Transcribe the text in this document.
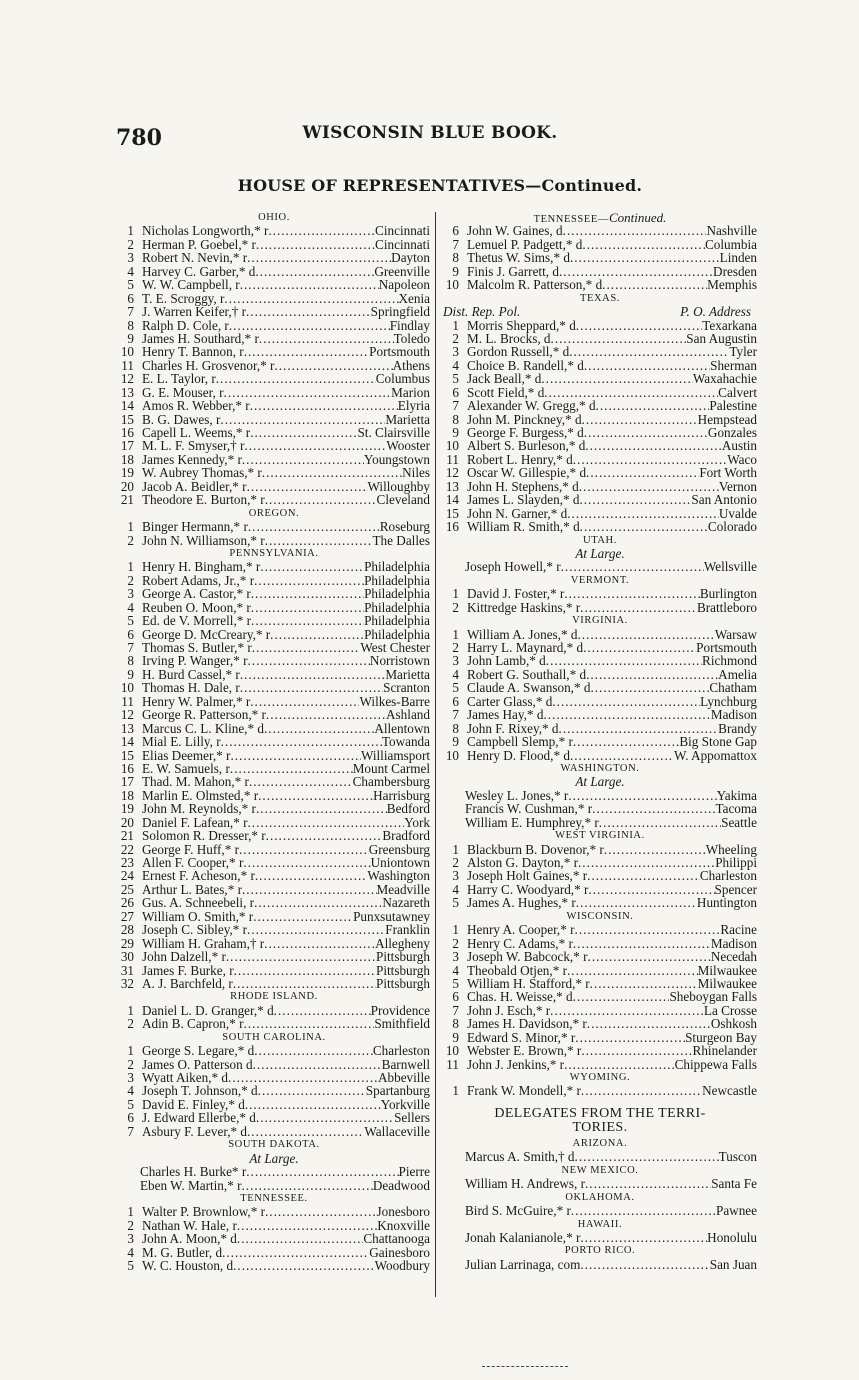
780	WISCONSIN BLUE BOOK.
HOUSE OF REPRESENTATIVES—Continued.
OHIO.
1 Nicholas Longworth,* r .....	Cincinnati
2 Herman P. Goebel,* r .....	Cincinnati
3 Robert N. Nevin,* r .....	Dayton
4 Harvey C. Garber,* d .....	Greenville
5 W. W. Campbell, r .....	Napoleon
6 T. E. Scroggy, r .....	Xenia
7 J. Warren Keifer,† r .....	Springfield
8 Ralph D. Cole, r .....	Findlay
9 James H. Southard,* r .....	Toledo
10 Henry T. Bannon, r .....	Portsmouth
11 Charles H. Grosvenor,* r .....	Athens
12 E. L. Taylor, r .....	Columbus
13 G. E. Mouser, r .....	Marion
14 Amos R. Webber,* r .....	Elyria
15 B. G. Dawes, r .....	Marietta
16 Capell L. Weems,* r .....	St. Clairsville
17 M. L. F. Smyser,† r .....	Wooster
18 James Kennedy,* r .....	Youngstown
19 W. Aubrey Thomas,* r .....	Niles
20 Jacob A. Beidler,* r .....	Willoughby
21 Theodore E. Burton,* r .....	Cleveland
OREGON.
1 Binger Hermann,* r .....	Roseburg
2 John N. Williamson,* r .....	The Dalles
PENNSYLVANIA.
1 Henry H. Bingham,* r .....	Philadelphia
2 Robert Adams, Jr.,* r .....	Philadelphia
3 George A. Castor,* r .....	Philadelphia
4 Reuben O. Moon,* r .....	Philadelphia
5 Ed. de V. Morrell,* r .....	Philadelphia
6 George D. McCreary,* r .....	Philadelphia
7 Thomas S. Butler,* r .....	West Chester
8 Irving P. Wanger,* r .....	Norristown
9 H. Burd Cassel,* r .....	Marietta
10 Thomas H. Dale, r .....	Scranton
11 Henry W. Palmer,* r .....	Wilkes-Barre
12 George R. Patterson,* r .....	Ashland
13 Marcus C. L. Kline,* d .....	Allentown
14 Mial E. Lilly, r .....	Towanda
15 Elias Deemer,* r .....	Williamsport
16 E. W. Samuels, r .....	Mount Carmel
17 Thad. M. Mahon,* r .....	Chambersburg
18 Marlin E. Olmsted,* r .....	Harrisburg
19 John M. Reynolds,* r .....	Bedford
20 Daniel F. Lafean,* r .....	York
21 Solomon R. Dresser,* r .....	Bradford
22 George F. Huff,* r .....	Greensburg
23 Allen F. Cooper,* r .....	Uniontown
24 Ernest F. Acheson,* r .....	Washington
25 Arthur L. Bates,* r .....	Meadville
26 Gus. A. Schneebeli, r .....	Nazareth
27 William O. Smith,* r .....	Punxsutawney
28 Joseph C. Sibley,* r .....	Franklin
29 William H. Graham,† r .....	Allegheny
30 John Dalzell,* r .....	Pittsburgh
31 James F. Burke, r .....	Pittsburgh
32 A. J. Barchfeld, r .....	Pittsburgh
RHODE ISLAND.
1 Daniel L. D. Granger,* d .....	Providence
2 Adin B. Capron,* r .....	Smithfield
SOUTH CAROLINA.
1 George S. Legare,* d .....	Charleston
2 James O. Patterson d .....	Barnwell
3 Wyatt Aiken,* d .....	Abbeville
4 Joseph T. Johnson,* d .....	Spartanburg
5 David E. Finley,* d .....	Yorkville
6 J. Edward Ellerbe,* d .....	Sellers
7 Asbury F. Lever,* d .....	Wallaceville
SOUTH DAKOTA.
At Large.
Charles H. Burke* r .....	Pierre
Eben W. Martin,* r .....	Deadwood
TENNESSEE.
1 Walter P. Brownlow,* r .....	Jonesboro
2 Nathan W. Hale, r .....	Knoxville
3 John A. Moon,* d .....	Chattanooga
4 M. G. Butler, d .....	Gainesboro
5 W. C. Houston, d .....	Woodbury
TENNESSEE—Continued.
6 John W. Gaines, d .....	Nashville
7 Lemuel P. Padgett,* d .....	Columbia
8 Thetus W. Sims,* d .....	Linden
9 Finis J. Garrett, d .....	Dresden
10 Malcolm R. Patterson,* d .....	Memphis
TEXAS.
Dist. Rep. Pol.	P. O. Address
1 Morris Sheppard,* d .....	Texarkana
2 M. L. Brocks, d .....	San Augustin
3 Gordon Russell,* d .....	Tyler
4 Choice B. Randell,* d .....	Sherman
5 Jack Beall,* d .....	Waxahachie
6 Scott Field,* d .....	Calvert
7 Alexander W. Gregg,* d .....	Palestine
8 John M. Pinckney,* d .....	Hempstead
9 George F. Burgess,* d .....	Gonzales
10 Albert S. Burleson,* d .....	Austin
11 Robert L. Henry,* d .....	Waco
12 Oscar W. Gillespie,* d .....	Fort Worth
13 John H. Stephens,* d .....	Vernon
14 James L. Slayden,* d .....	San Antonio
15 John N. Garner,* d .....	Uvalde
16 William R. Smith,* d .....	Colorado
UTAH.
At Large.
Joseph Howell,* r .....	Wellsville
VERMONT.
1 David J. Foster,* r .....	Burlington
2 Kittredge Haskins,* r .....	Brattleboro
VIRGINIA.
1 William A. Jones,* d .....	Warsaw
2 Harry L. Maynard,* d .....	Portsmouth
3 John Lamb,* d .....	Richmond
4 Robert G. Southall,* d .....	Amelia
5 Claude A. Swanson,* d .....	Chatham
6 Carter Glass,* d .....	Lynchburg
7 James Hay,* d .....	Madison
8 John F. Rixey,* d .....	Brandy
9 Campbell Slemp,* r .....	Big Stone Gap
10 Henry D. Flood,* d .....	W. Appomattox
WASHINGTON.
At Large.
Wesley L. Jones,* r .....	Yakima
Francis W. Cushman,* r .....	Tacoma
William E. Humphrey,* r .....	Seattle
WEST VIRGINIA.
1 Blackburn B. Dovenor,* r .....	Wheeling
2 Alston G. Dayton,* r .....	Philippi
3 Joseph Holt Gaines,* r .....	Charleston
4 Harry C. Woodyard,* r .....	Spencer
5 James A. Hughes,* r .....	Huntington
WISCONSIN.
1 Henry A. Cooper,* r .....	Racine
2 Henry C. Adams,* r .....	Madison
3 Joseph W. Babcock,* r .....	Necedah
4 Theobald Otjen,* r .....	Milwaukee
5 William H. Stafford,* r .....	Milwaukee
6 Chas. H. Weisse,* d .....	Sheboygan Falls
7 John J. Esch,* r .....	La Crosse
8 James H. Davidson,* r .....	Oshkosh
9 Edward S. Minor,* r .....	Sturgeon Bay
10 Webster E. Brown,* r .....	Rhinelander
11 John J. Jenkins,* r .....	Chippewa Falls
WYOMING.
1 Frank W. Mondell,* r .....	Newcastle
DELEGATES FROM THE TERRI-
TORIES.
ARIZONA.
Marcus A. Smith,† d .....	Tuscon
NEW MEXICO.
William H. Andrews, r .....	Santa Fe
OKLAHOMA.
Bird S. McGuire,* r .....	Pawnee
HAWAII.
Jonah Kalanianole,* r .....	Honolulu
PORTO RICO.
Julian Larrinaga, com .....	San Juan
